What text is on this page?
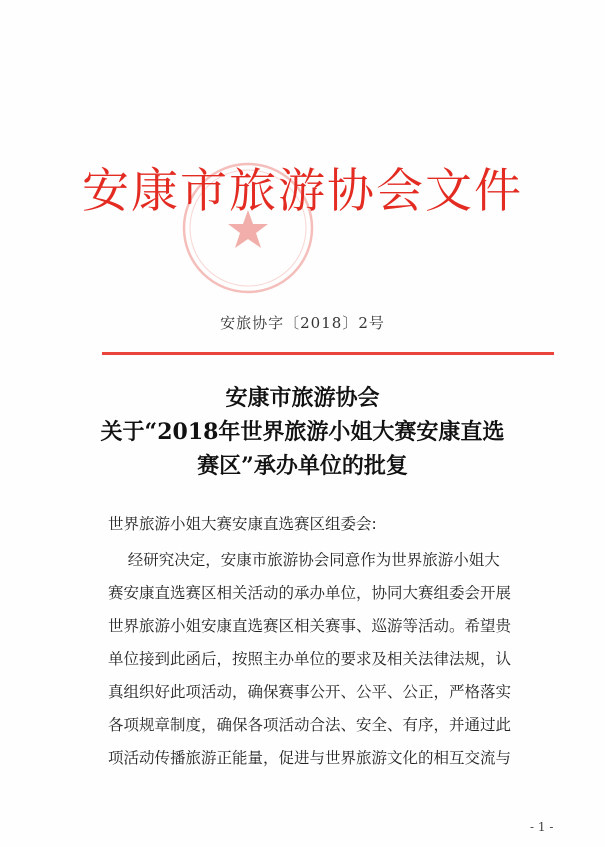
安康市旅游协会文件
安旅协字〔2018〕2号
安康市旅游协会
关于“2018年世界旅游小姐大赛安康直选
赛区”承办单位的批复
世界旅游小姐大赛安康直选赛区组委会:
经研究决定，安康市旅游协会同意作为世界旅游小姐大
赛安康直选赛区相关活动的承办单位，协同大赛组委会开展
世界旅游小姐安康直选赛区相关赛事、巡游等活动。希望贵
单位接到此函后，按照主办单位的要求及相关法律法规，认
真组织好此项活动，确保赛事公开、公平、公正，严格落实
各项规章制度，确保各项活动合法、安全、有序，并通过此
项活动传播旅游正能量，促进与世界旅游文化的相互交流与
- 1 -
